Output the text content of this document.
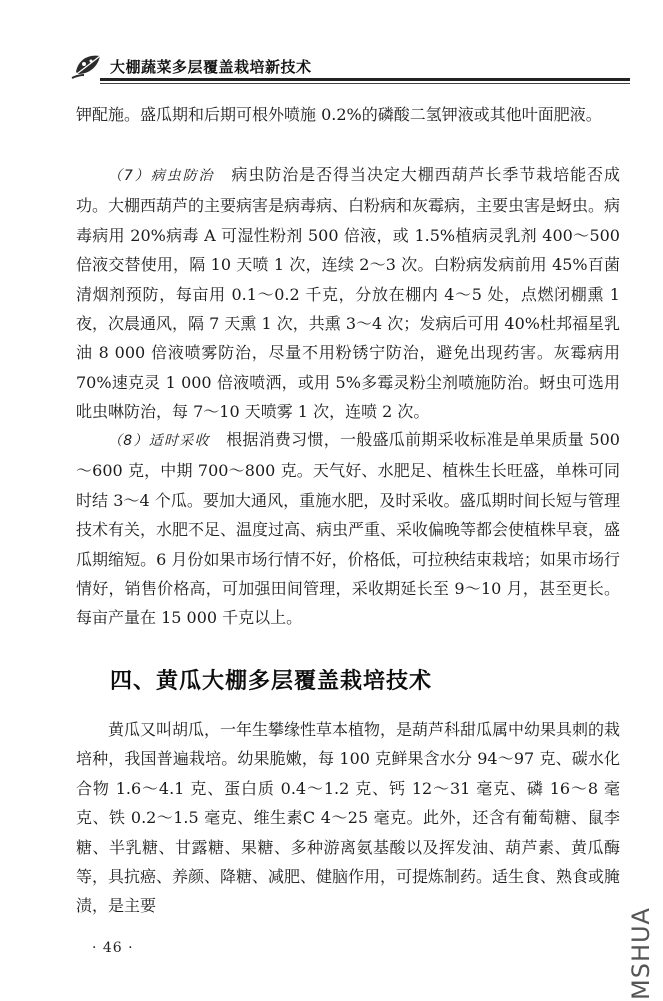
大棚蔬菜多层覆盖栽培新技术

钾配施。盛瓜期和后期可根外喷施 0.2%的磷酸二氢钾液或其他叶面肥液。

（7）病虫防治  病虫防治是否得当决定大棚西葫芦长季节栽培能否成功。大棚西葫芦的主要病害是病毒病、白粉病和灰霉病，主要虫害是蚜虫。病毒病用 20%病毒 A 可湿性粉剂 500 倍液，或 1.5%植病灵乳剂 400～500 倍液交替使用，隔 10 天喷 1 次，连续 2～3 次。白粉病发病前用 45%百菌清烟剂预防，每亩用 0.1～0.2 千克，分放在棚内 4～5 处，点燃闭棚熏 1 夜，次晨通风，隔 7 天熏 1 次，共熏 3～4 次；发病后可用 40%杜邦福星乳油 8 000 倍液喷雾防治，尽量不用粉锈宁防治，避免出现药害。灰霉病用 70%速克灵 1 000 倍液喷洒，或用 5%多霉灵粉尘剂喷施防治。蚜虫可选用吡虫啉防治，每 7～10 天喷雾 1 次，连喷 2 次。

（8）适时采收  根据消费习惯，一般盛瓜前期采收标准是单果质量 500～600 克，中期 700～800 克。天气好、水肥足、植株生长旺盛，单株可同时结 3～4 个瓜。要加大通风，重施水肥，及时采收。盛瓜期时间长短与管理技术有关，水肥不足、温度过高、病虫严重、采收偏晚等都会使植株早衰，盛瓜期缩短。6 月份如果市场行情不好，价格低，可拉秧结束栽培；如果市场行情好，销售价格高，可加强田间管理，采收期延长至 9～10 月，甚至更长。每亩产量在 15 000 千克以上。

四、黄瓜大棚多层覆盖栽培技术

黄瓜又叫胡瓜，一年生攀缘性草本植物，是葫芦科甜瓜属中幼果具刺的栽培种，我国普遍栽培。幼果脆嫩，每 100 克鲜果含水分 94～97 克、碳水化合物 1.6～4.1 克、蛋白质 0.4～1.2 克、钙 12～31 毫克、磷 16～8 毫克、铁 0.2～1.5 毫克、维生素C 4～25 毫克。此外，还含有葡萄糖、鼠李糖、半乳糖、甘露糖、果糖、多种游离氨基酸以及挥发油、葫芦素、黄瓜酶等，具抗癌、养颜、降糖、减肥、健脑作用，可提炼制药。适生食、熟食或腌渍，是主要

· 46 ·	MSHUA
